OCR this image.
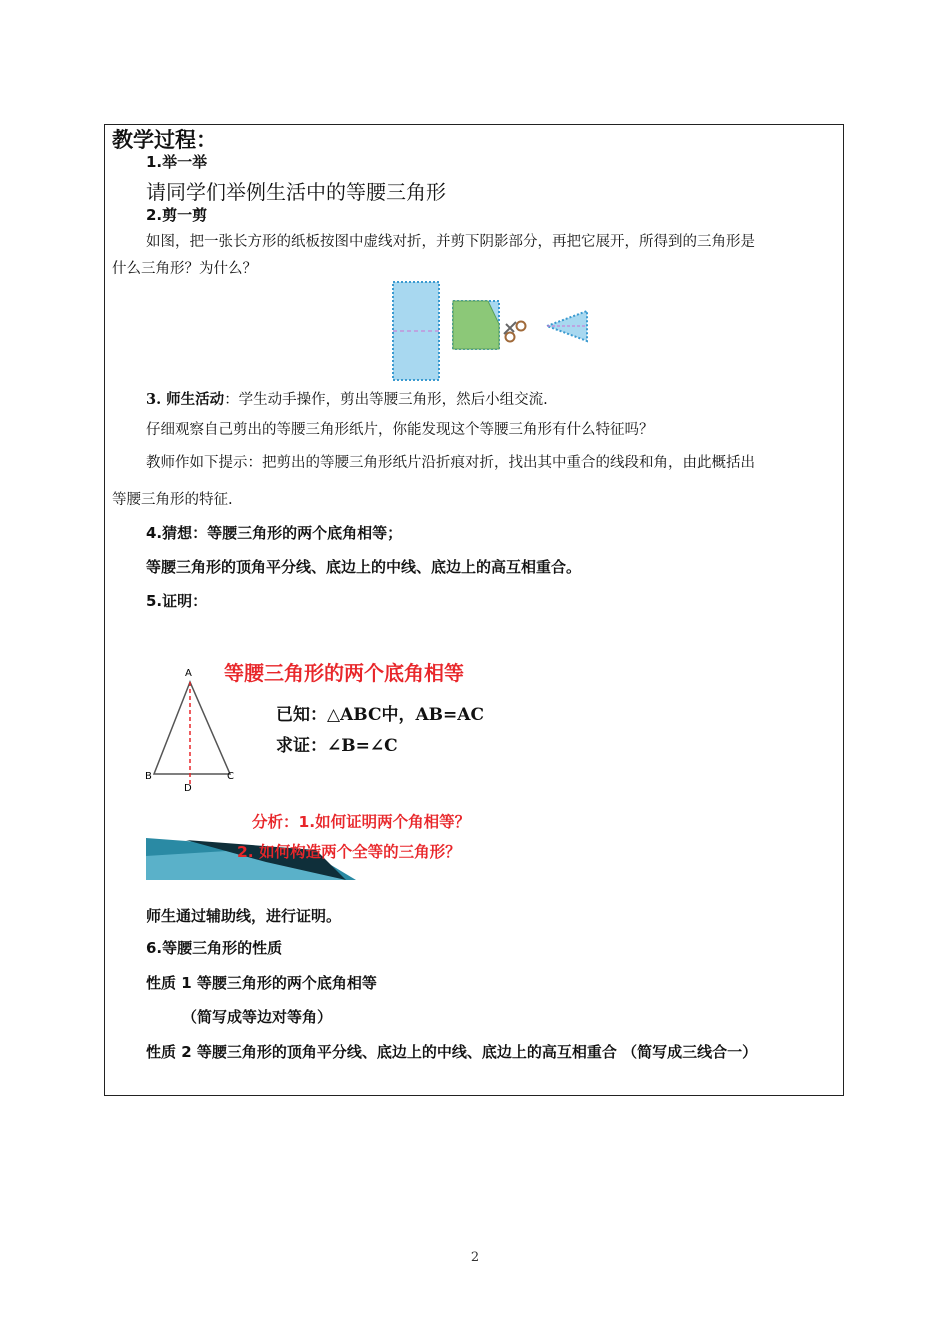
教学过程：
1.举一举
请同学们举例生活中的等腰三角形
2.剪一剪
如图，把一张长方形的纸板按图中虚线对折，并剪下阴影部分，再把它展开，所得到的三角形是
什么三角形？为什么？
3. 师生活动：学生动手操作，剪出等腰三角形，然后小组交流.
仔细观察自己剪出的等腰三角形纸片，你能发现这个等腰三角形有什么特征吗？
教师作如下提示：把剪出的等腰三角形纸片沿折痕对折，找出其中重合的线段和角，由此概括出
等腰三角形的特征.
4.猜想：等腰三角形的两个底角相等；
等腰三角形的顶角平分线、底边上的中线、底边上的高互相重合。
5.证明：
A
B	C
D
等腰三角形的两个底角相等
已知：△ABC中，AB=AC
求证：∠B=∠C
分析：1.如何证明两个角相等？
2. 如何构造两个全等的三角形？
师生通过辅助线，进行证明。
6.等腰三角形的性质
性质 1 等腰三角形的两个底角相等
（简写成等边对等角）
性质 2 等腰三角形的顶角平分线、底边上的中线、底边上的高互相重合 （简写成三线合一）
2
